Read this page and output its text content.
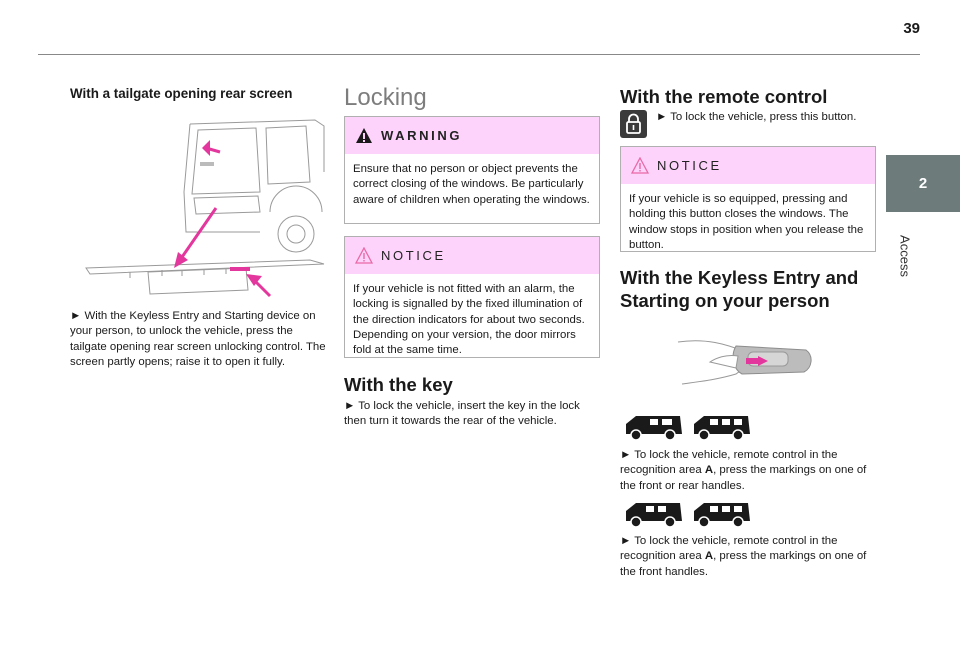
39
2
Access
With a tailgate opening rear screen
► With the Keyless Entry and Starting device on your person, to unlock the vehicle, press the tailgate opening rear screen unlocking control. The screen partly opens; raise it to open it fully.
Locking
WARNING
Ensure that no person or object prevents the correct closing of the windows. Be particularly aware of children when operating the windows.
NOTICE
If your vehicle is not fitted with an alarm, the locking is signalled by the fixed illumination of the direction indicators for about two seconds. Depending on your version, the door mirrors fold at the same time.
With the key
► To lock the vehicle, insert the key in the lock then turn it towards the rear of the vehicle.
With the remote control
► To lock the vehicle, press this button.
NOTICE
If your vehicle is so equipped, pressing and holding this button closes the windows. The window stops in position when you release the button.
With the Keyless Entry and
Starting on your person
► To lock the vehicle, remote control in the recognition area A, press the markings on one of the front or rear handles.
► To lock the vehicle, remote control in the recognition area A, press the markings on one of the front handles.
